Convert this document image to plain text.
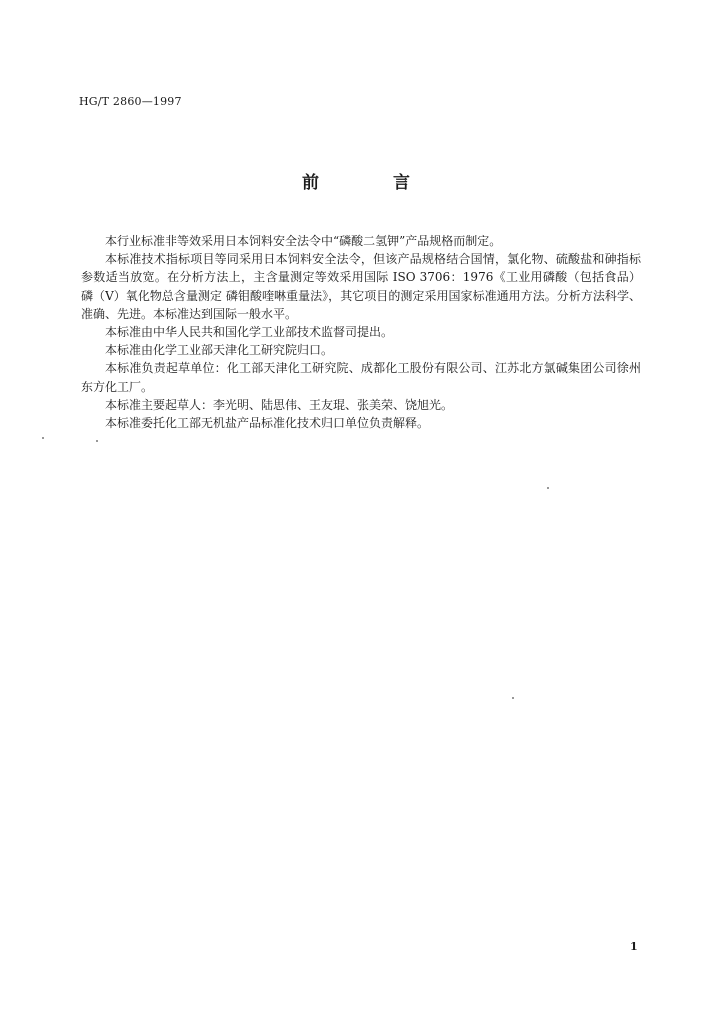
HG/T 2860—1997
前 言

本行业标准非等效采用日本饲料安全法令中“磷酸二氢钾”产品规格而制定。

本标准技术指标项目等同采用日本饲料安全法令，但该产品规格结合国情，氯化物、硫酸盐和砷指标参数适当放宽。在分析方法上，主含量测定等效采用国际 ISO 3706：1976《工业用磷酸（包括食品） 磷（V）氧化物总含量测定 磷钼酸喹啉重量法》，其它项目的测定采用国家标准通用方法。分析方法科学、准确、先进。本标准达到国际一般水平。

本标准由中华人民共和国化学工业部技术监督司提出。

本标准由化学工业部天津化工研究院归口。

本标准负责起草单位：化工部天津化工研究院、成都化工股份有限公司、江苏北方氯碱集团公司徐州东方化工厂。

本标准主要起草人：李光明、陆思伟、王友琨、张美荣、饶旭光。

本标准委托化工部无机盐产品标准化技术归口单位负责解释。

1
